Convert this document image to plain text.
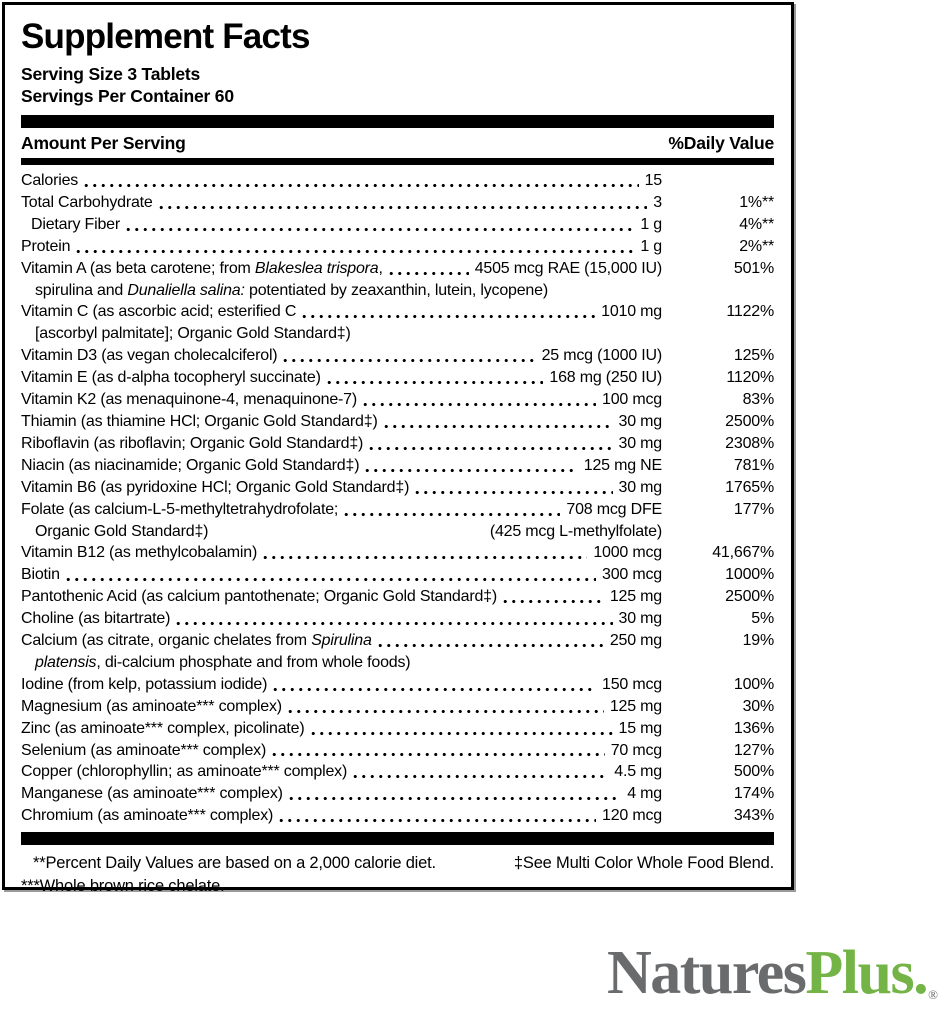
Supplement Facts
Serving Size 3 Tablets
Servings Per Container 60
Amount Per Serving	%Daily Value
Calories	15
Total Carbohydrate	3	1%**
Dietary Fiber	1 g	4%**
Protein	1 g	2%**
Vitamin A (as beta carotene; from Blakeslea trispora,	4505 mcg RAE (15,000 IU)	501%
spirulina and Dunaliella salina: potentiated by zeaxanthin, lutein, lycopene)
Vitamin C (as ascorbic acid; esterified C	1010 mg	1122%
[ascorbyl palmitate]; Organic Gold Standard‡)
Vitamin D3 (as vegan cholecalciferol)	25 mcg (1000 IU)	125%
Vitamin E (as d-alpha tocopheryl succinate)	168 mg (250 IU)	1120%
Vitamin K2 (as menaquinone-4, menaquinone-7)	100 mcg	83%
Thiamin (as thiamine HCl; Organic Gold Standard‡)	30 mg	2500%
Riboflavin (as riboflavin; Organic Gold Standard‡)	30 mg	2308%
Niacin (as niacinamide; Organic Gold Standard‡)	125 mg NE	781%
Vitamin B6 (as pyridoxine HCl; Organic Gold Standard‡)	30 mg	1765%
Folate (as calcium-L-5-methyltetrahydrofolate;	708 mcg DFE	177%
Organic Gold Standard‡)	(425 mcg L-methylfolate)
Vitamin B12 (as methylcobalamin)	1000 mcg	41,667%
Biotin	300 mcg	1000%
Pantothenic Acid (as calcium pantothenate; Organic Gold Standard‡)	125 mg	2500%
Choline (as bitartrate)	30 mg	5%
Calcium (as citrate, organic chelates from Spirulina	250 mg	19%
platensis, di-calcium phosphate and from whole foods)
Iodine (from kelp, potassium iodide)	150 mcg	100%
Magnesium (as aminoate*** complex)	125 mg	30%
Zinc (as aminoate*** complex, picolinate)	15 mg	136%
Selenium (as aminoate*** complex)	70 mcg	127%
Copper (chlorophyllin; as aminoate*** complex)	4.5 mg	500%
Manganese (as aminoate*** complex)	4 mg	174%
Chromium (as aminoate*** complex)	120 mcg	343%
**Percent Daily Values are based on a 2,000 calorie diet.	‡See Multi Color Whole Food Blend.
***Whole brown rice chelate.
NaturesPlus.®
